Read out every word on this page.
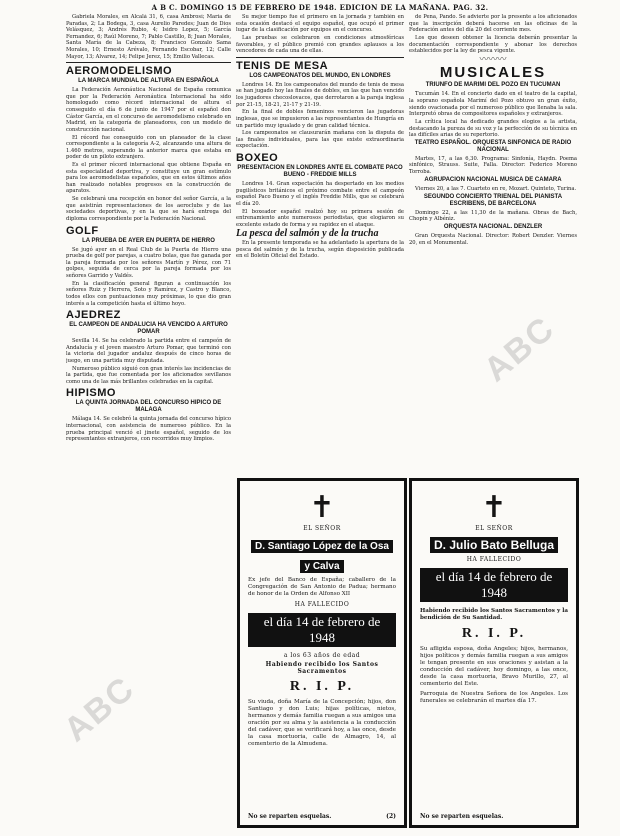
A B C. DOMINGO 15 DE FEBRERO DE 1948. EDICION DE LA MAÑANA. PAG. 32.

Gabriela Morales, en Alcalá 31, 6, casa Ambrosí; Maria de Paradas, 2; La Bodega, 3, casa Aurelio Paredes; Juan de Dios Velásquez, 3; Andrés Rubio, 4; Isidro Lopez, 5; García Fernandez, 6; Raúl Moreno, 7; Pablo Castillo, 8; Juan Morales, Santa María de la Cabeza, 8; Francisco Gonzalo Sama Morales, 10; Ernesto Arévalo, Fernando Escobar, 12; Calle Mayor, 13; Alvarez, 14; Felipe Jerez, 15; Emilio Vallecas.

AEROMODELISMO
LA MARCA MUNDIAL DE ALTURA EN ESPAÑOLA

La Federación Aeronáutica Nacional de España comunica que por la Federación Aeronáutica Internacional ha sido homologado como récord internacional de altura el conseguido el día 6 de junio de 1947 por el español don Cástor García, en el concurso de aeromodelismo celebrado en Madrid, en la categoría de planeadores, con un modelo de construcción nacional.

El récord fue conseguido con un planeador de la clase correspondiente a la categoría A-2, alcanzando una altura de 1.460 metros, superando la anterior marca que estaba en poder de un piloto extranjero.

Es el primer récord internacional que obtiene España en esta especialidad deportiva, y constituye un gran estímulo para los aeromodelistas españoles, que en estos últimos años han realizado notables progresos en la construcción de aparatos.

Se celebrará una recepción en honor del señor García, a la que asistirán representaciones de los aeroclubs y de las sociedades deportivas, y en la que se hará entrega del diploma correspondiente por la Federación Nacional.

GOLF
LA PRUEBA DE AYER EN PUERTA DE HIERRO

Se jugó ayer en el Real Club de la Puerta de Hierro una prueba de golf por parejas, a cuatro bolas, que fue ganada por la pareja formada por los señores Martín y Pérez, con 71 golpes, seguida de cerca por la pareja formada por los señores Garrido y Valdés.

En la clasificación general figuran a continuación los señores Ruiz y Herrera, Soto y Ramírez, y Castro y Blanco, todos ellos con puntuaciones muy próximas, lo que dio gran interés a la competición hasta el último hoyo.

AJEDREZ
EL CAMPEON DE ANDALUCIA HA VENCIDO A ARTURO POMAR

Sevilla 14. Se ha celebrado la partida entre el campeón de Andalucía y el joven maestro Arturo Pomar, que terminó con la victoria del jugador andaluz después de cinco horas de juego, en una partida muy disputada.

Numeroso público siguió con gran interés las incidencias de la partida, que fue comentada por los aficionados sevillanos como una de las más brillantes celebradas en la capital.

HIPISMO
LA QUINTA JORNADA DEL CONCURSO HIPICO DE MALAGA

Málaga 14. Se celebró la quinta jornada del concurso hípico internacional, con asistencia de numeroso público. En la prueba principal venció el jinete español, seguido de los representantes extranjeros, con recorridos muy limpios.

Su mejor tiempo fue el primero en la jornada y también en esta ocasión destacó el equipo español, que ocupó el primer lugar de la clasificación por equipos en el concurso.

Las pruebas se celebraron en condiciones atmosféricas favorables, y el público premió con grandes aplausos a los vencedores de cada una de ellas.

TENIS DE MESA
LOS CAMPEONATOS DEL MUNDO, EN LONDRES

Londres 14. En los campeonatos del mundo de tenis de mesa se han jugado hoy las finales de dobles, en las que han vencido los jugadores checoslovacos, que derrotaron a la pareja inglesa por 21-15, 18-21, 21-17 y 21-19.

En la final de dobles femeninos vencieron las jugadoras inglesas, que se impusieron a las representantes de Hungría en un partido muy igualado y de gran calidad técnica.

Los campeonatos se clausurarán mañana con la disputa de las finales individuales, para las que existe extraordinaria expectación.

BOXEO
PRESENTACION EN LONDRES ANTE EL COMBATE PACO BUENO - FREDDIE MILLS

Londres 14. Gran expectación ha despertado en los medios pugilísticos británicos el próximo combate entre el campeón español Paco Bueno y el inglés Freddie Mills, que se celebrará el día 20.

El boxeador español realizó hoy su primera sesión de entrenamiento ante numerosos periodistas, que elogiaron su excelente estado de forma y su rapidez en el ataque.

La pesca del salmón y de la trucha

En la presente temporada se ha adelantado la apertura de la pesca del salmón y de la trucha, según disposición publicada en el Boletín Oficial del Estado.

de Pena, Pando. Se advierte por la presente a los aficionados que la inscripción deberá hacerse en las oficinas de la Federación antes del día 20 del corriente mes.

Los que deseen obtener la licencia deberán presentar la documentación correspondiente y abonar los derechos establecidos por la ley de pesca vigente.

〰〰〰
MUSICALES
TRIUNFO DE MARIMI DEL POZO EN TUCUMAN

Tucumán 14. En el concierto dado en el teatro de la capital, la soprano española Marimí del Pozo obtuvo un gran éxito, siendo ovacionada por el numeroso público que llenaba la sala. Interpretó obras de compositores españoles y extranjeros.

La crítica local ha dedicado grandes elogios a la artista, destacando la pureza de su voz y la perfección de su técnica en las difíciles arias de su repertorio.

TEATRO ESPAÑOL. ORQUESTA SINFONICA DE RADIO NACIONAL

Martes, 17, a las 6,30. Programa: Sinfonía, Haydn. Poema sinfónico, Strauss. Suite, Falla. Director: Federico Moreno Torroba.

AGRUPACION NACIONAL MUSICA DE CAMARA

Viernes 20, a las 7. Cuarteto en re, Mozart. Quinteto, Turina.

SEGUNDO CONCIERTO TRIENAL DEL PIANISTA ESCRIBENS, DE BARCELONA

Domingo 22, a las 11,30 de la mañana. Obras de Bach, Chopin y Albéniz.

ORQUESTA NACIONAL. DENZLER

Gran Orquesta Nacional. Director: Robert Denzler. Viernes 20, en el Monumental.

✝
EL SEÑOR
D. Santiago López de la Osa
y Calva
Ex jefe del Banco de España; caballero de la Congregación de San Antonio de Padua; hermano de honor de la Orden de Alfonso XII
HA FALLECIDO
el día 14 de febrero de 1948
a los 63 años de edad
Habiendo recibido los Santos Sacramentos
R. I. P.
Su viuda, doña María de la Concepción; hijos, don Santiago y don Luis; hijas políticas, nietos, hermanos y demás familia ruegan a sus amigos una oración por su alma y la asistencia a la conducción del cadáver, que se verificará hoy, a las once, desde la casa mortuoria, calle de Almagro, 14, al cementerio de la Almudena.
No se reparten esquelas.	(2)
✝
EL SEÑOR
D. Julio Bato Belluga
HA FALLECIDO
el día 14 de febrero de 1948
Habiendo recibido los Santos Sacramentos y la bendición de Su Santidad.
R. I. P.
Su afligida esposa, doña Angeles; hijos, hermanos, hijos políticos y demás familia ruegan a sus amigos le tengan presente en sus oraciones y asistan a la conducción del cadáver, hoy domingo, a las once, desde la casa mortuoria, Bravo Murillo, 27, al cementerio del Este.
Parroquia de Nuestra Señora de los Angeles. Los funerales se celebrarán el martes día 17.
No se reparten esquelas.
ABC
ABC
